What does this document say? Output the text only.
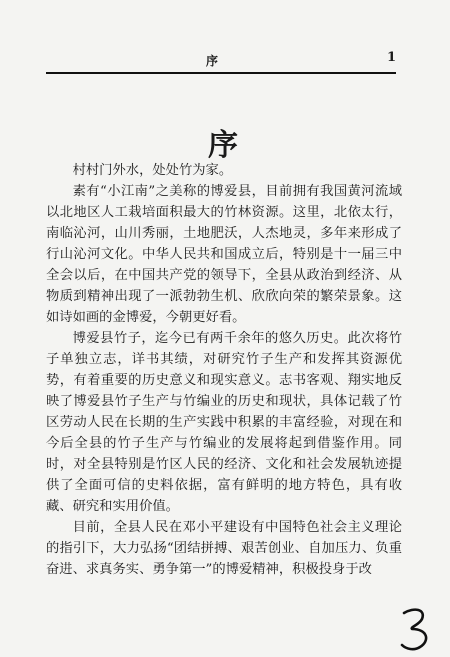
序	1
序

村村门外水，处处竹为家。

素有“小江南”之美称的博爱县，目前拥有我国黄河流域以北地区人工栽培面积最大的竹林资源。这里，北依太行，南临沁河，山川秀丽，土地肥沃，人杰地灵，多年来形成了行山沁河文化。中华人民共和国成立后，特别是十一届三中全会以后，在中国共产党的领导下，全县从政治到经济、从物质到精神出现了一派勃勃生机、欣欣向荣的繁荣景象。这如诗如画的金博爱，今朝更好看。

博爱县竹子，迄今已有两千余年的悠久历史。此次将竹子单独立志，详书其绩，对研究竹子生产和发挥其资源优势，有着重要的历史意义和现实意义。志书客观、翔实地反映了博爱县竹子生产与竹编业的历史和现状，具体记载了竹区劳动人民在长期的生产实践中积累的丰富经验，对现在和今后全县的竹子生产与竹编业的发展将起到借鉴作用。同时，对全县特别是竹区人民的经济、文化和社会发展轨迹提供了全面可信的史料依据，富有鲜明的地方特色，具有收藏、研究和实用价值。

目前，全县人民在邓小平建设有中国特色社会主义理论的指引下，大力弘扬“团结拼搏、艰苦创业、自加压力、负重奋进、求真务实、勇争第一”的博爱精神，积极投身于改
